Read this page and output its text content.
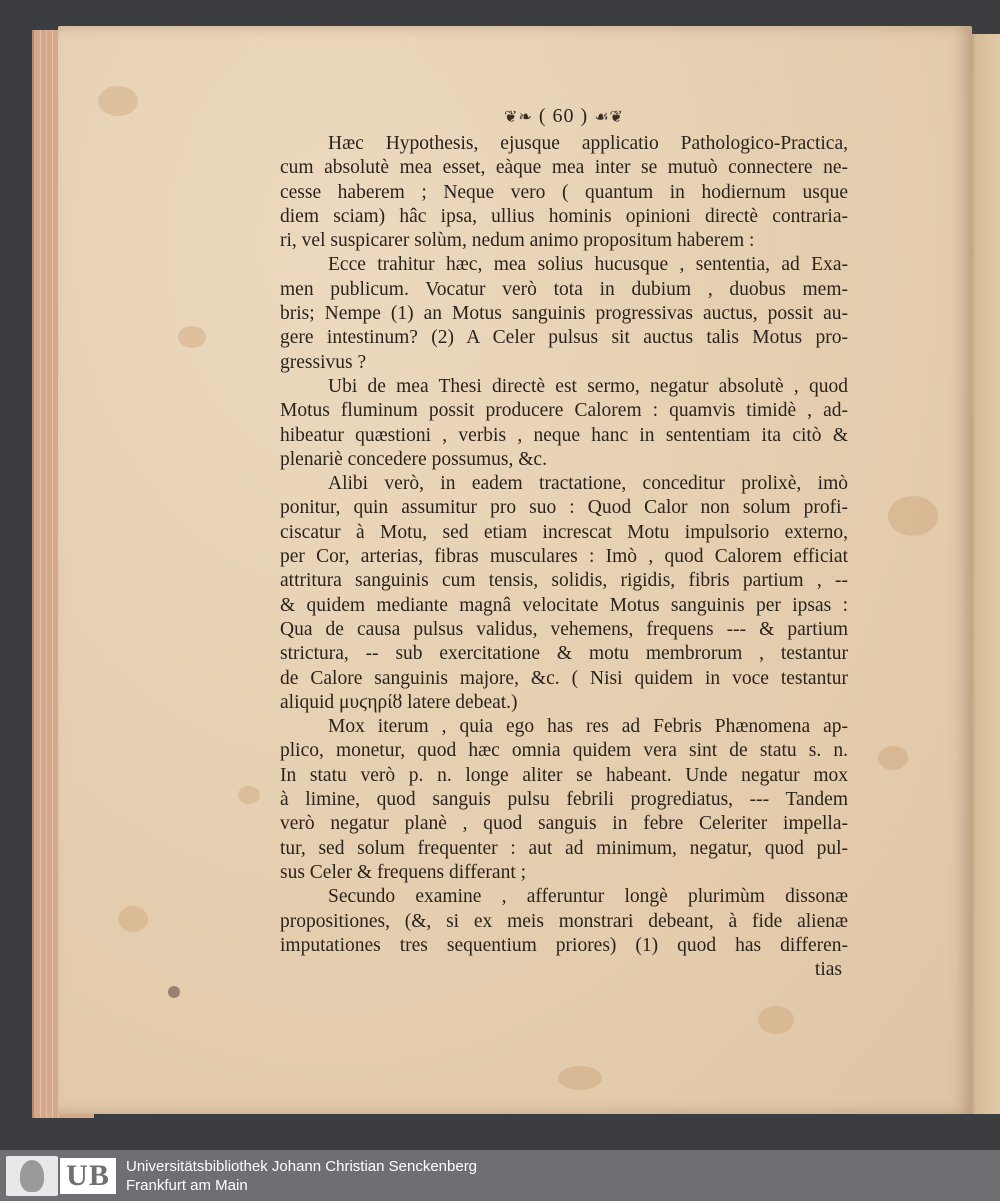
❦❧ ( 60 ) ☙❦
Hæc Hypothesis, ejusque applicatio Pathologico-Practica,
cum absolutè mea esset, eàque mea inter se mutuò connectere ne-
cesse haberem ; Neque vero ( quantum in hodiernum usque
diem sciam) hâc ipsa, ullius hominis opinioni directè contraria-
ri, vel suspicarer solùm, nedum animo propositum haberem :
Ecce trahitur hæc, mea solius hucusque , sententia, ad Exa-
men publicum. Vocatur verò tota in dubium , duobus mem-
bris; Nempe (1) an Motus sanguinis progressivas auctus, possit au-
gere intestinum? (2) A Celer pulsus sit auctus talis Motus pro-
gressivus ?
Ubi de mea Thesi directè est sermo, negatur absolutè , quod
Motus fluminum possit producere Calorem : quamvis timidè , ad-
hibeatur quæstioni , verbis , neque hanc in sententiam ita citò &
plenariè concedere possumus, &c.
Alibi verò, in eadem tractatione, conceditur prolixè, imò
ponitur, quin assumitur pro suo : Quod Calor non solum profi-
ciscatur à Motu, sed etiam increscat Motu impulsorio externo,
per Cor, arterias, fibras musculares : Imò , quod Calorem efficiat
attritura sanguinis cum tensis, solidis, rigidis, fibris partium , --
& quidem mediante magnâ velocitate Motus sanguinis per ipsas :
Qua de causa pulsus validus, vehemens, frequens --- & partium
strictura, -- sub exercitatione & motu membrorum , testantur
de Calore sanguinis majore, &c. ( Nisi quidem in voce testantur
aliquid μυϛηρίȣ latere debeat.)
Mox iterum , quia ego has res ad Febris Phænomena ap-
plico, monetur, quod hæc omnia quidem vera sint de statu s. n.
In statu verò p. n. longe aliter se habeant. Unde negatur mox
à limine, quod sanguis pulsu febrili progrediatus, --- Tandem
verò negatur planè , quod sanguis in febre Celeriter impella-
tur, sed solum frequenter : aut ad minimum, negatur, quod pul-
sus Celer & frequens differant ;
Secundo examine , afferuntur longè plurimùm dissonæ
propositiones, (&, si ex meis monstrari debeant, à fide alienæ
imputationes tres sequentium priores) (1) quod has differen-
tias
UB	Universitätsbibliothek Johann Christian Senckenberg
Frankfurt am Main
